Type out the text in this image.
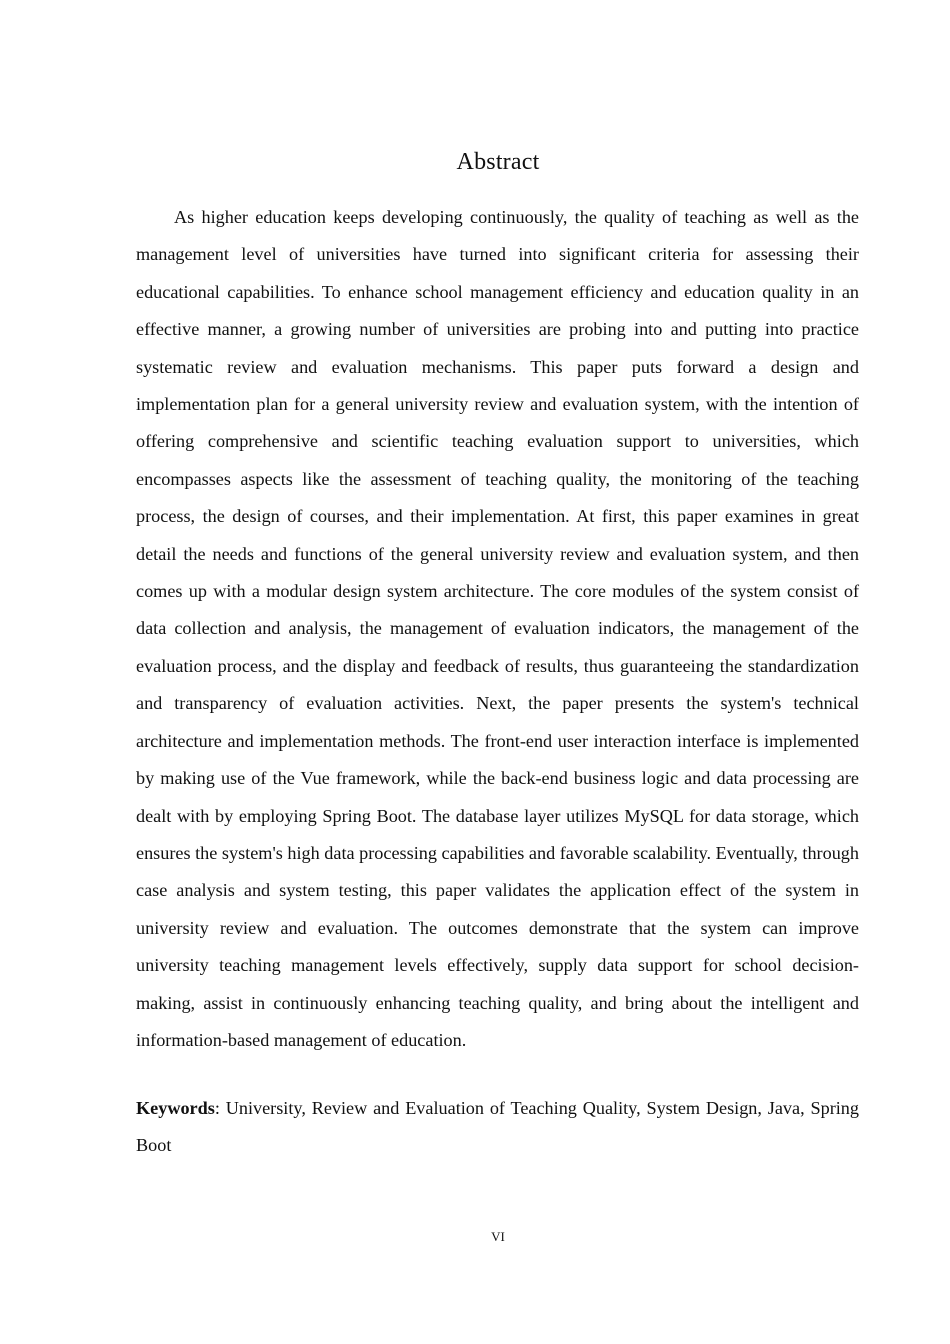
Abstract

As higher education keeps developing continuously, the quality of teaching as well as the management level of universities have turned into significant criteria for assessing their educational capabilities. To enhance school management efficiency and education quality in an effective manner, a growing number of universities are probing into and putting into practice systematic review and evaluation mechanisms. This paper puts forward a design and implementation plan for a general university review and evaluation system, with the intention of offering comprehensive and scientific teaching evaluation support to universities, which encompasses aspects like the assessment of teaching quality, the monitoring of the teaching process, the design of courses, and their implementation. At first, this paper examines in great detail the needs and functions of the general university review and evaluation system, and then comes up with a modular design system architecture. The core modules of the system consist of data collection and analysis, the management of evaluation indicators, the management of the evaluation process, and the display and feedback of results, thus guaranteeing the standardization and transparency of evaluation activities. Next, the paper presents the system's technical architecture and implementation methods. The front-end user interaction interface is implemented by making use of the Vue framework, while the back-end business logic and data processing are dealt with by employing Spring Boot. The database layer utilizes MySQL for data storage, which ensures the system's high data processing capabilities and favorable scalability. Eventually, through case analysis and system testing, this paper validates the application effect of the system in university review and evaluation. The outcomes demonstrate that the system can improve university teaching management levels effectively, supply data support for school decision-making, assist in continuously enhancing teaching quality, and bring about the intelligent and information-based management of education.

Keywords: University, Review and Evaluation of Teaching Quality, System Design, Java, Spring Boot

VI
